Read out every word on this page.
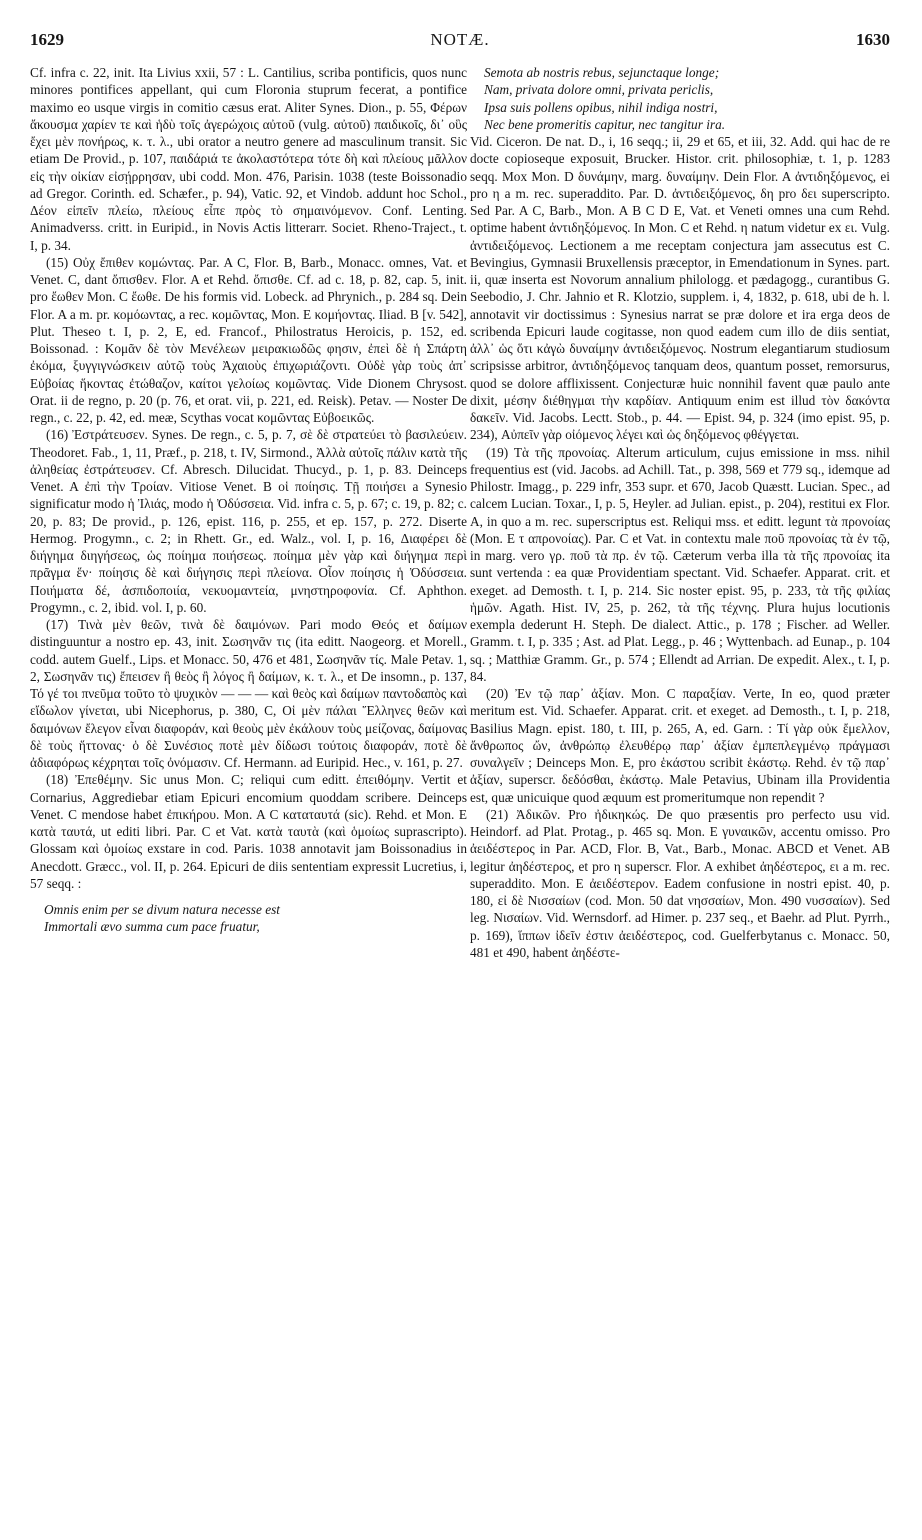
1629	NOTÆ.	1630

Cf. infra c. 22, init. Ita Livius xxii, 57 : L. Cantilius, scriba pontificis, quos nunc minores pontifices appellant, qui cum Floronia stuprum fecerat, a pontifice maximo eo usque virgis in comitio cæsus erat. Aliter Synes. Dion., p. 55, Φέρων ἄκουσμα χαρίεν τε καὶ ἡδὺ τοῖς ἀγερώχοις αὐτοῦ (vulg. αὐτοῦ) παιδικοῖς, δι᾿ οὓς ἔχει μὲν πονήρως, κ. τ. λ., ubi orator a neutro genere ad masculinum transit. Sic etiam De Provid., p. 107, παιδάριά τε ἀκολαστότερα τότε δὴ καὶ πλείους μᾶλλον εἰς τὴν οἰκίαν εἰσῄρρησαν, ubi codd. Mon. 476, Parisin. 1038 (teste Boissonadio ad Gregor. Corinth. ed. Schæfer., p. 94), Vatic. 92, et Vindob. addunt hoc Schol., Δέον εἰπεῖν πλείω, πλείους εἶπε πρὸς τὸ σημαινόμενον. Conf. Lenting. Animadverss. critt. in Euripid., in Novis Actis litterarr. Societ. Rheno-Traject., t. I, p. 34.

(15) Οὐχ ἔπιθεν κομώντας. Par. A C, Flor. B, Barb., Monacc. omnes, Vat. et Venet. C, dant ὄπισθεν. Flor. A et Rehd. ὄπισθε. Cf. ad c. 18, p. 82, cap. 5, init. pro ἔωθεν Mon. C ἔωθε. De his formis vid. Lobeck. ad Phrynich., p. 284 sq. Dein Flor. A a m. pr. κομόωντας, a rec. κομῶντας, Mon. E κομήοντας. Iliad. B [v. 542], Plut. Theseo t. I, p. 2, E, ed. Francof., Philostratus Heroicis, p. 152, ed. Boissonad. : Κομᾶν δὲ τὸν Μενέλεων μειρακιωδῶς φησιν, ἐπεὶ δὲ ἡ Σπάρτη ἐκόμα, ξυγγιγνώσκειν αὐτῷ τοὺς Ἀχαιοὺς ἐπιχωριάζοντι. Οὐδὲ γὰρ τοὺς ἀπ᾿ Εὐβοίας ἥκοντας ἐτώθαζον, καίτοι γελοίως κομῶντας. Vide Dionem Chrysost. Orat. ii de regno, p. 20 (p. 76, et orat. vii, p. 221, ed. Reisk). Petav. — Noster De regn., c. 22, p. 42, ed. meæ, Scythas vocat κομῶντας Εὐβοεικῶς.

(16) Ἐστράτευσεν. Synes. De regn., c. 5, p. 7, σὲ δὲ στρατεύει τὸ βασιλεύειν. Theodoret. Fab., 1, 11, Præf., p. 218, t. IV, Sirmond., Ἀλλὰ αὐτοῖς πάλιν κατὰ τῆς ἀληθείας ἐστράτευσεν. Cf. Abresch. Dilucidat. Thucyd., p. 1, p. 83. Deinceps Venet. A ἐπὶ τὴν Τροίαν. Vitiose Venet. B οἱ ποίησις. Τῇ ποιήσει a Synesio significatur modo ἡ Ἰλιάς, modo ἡ Ὀδύσσεια. Vid. infra c. 5, p. 67; c. 19, p. 82; c. 20, p. 83; De provid., p. 126, epist. 116, p. 255, et ep. 157, p. 272. Diserte Hermog. Progymn., c. 2; in Rhett. Gr., ed. Walz., vol. I, p. 16, Διαφέρει δὲ διήγημα διηγήσεως, ὡς ποίημα ποιήσεως. ποίημα μὲν γὰρ καὶ διήγημα περὶ πρᾶγμα ἕν· ποίησις δὲ καὶ διήγησις περὶ πλείονα. Οἷον ποίησις ἡ Ὀδύσσεια. Ποιήματα δέ, ἀσπιδοποιία, νεκυομαντεία, μνηστηροφονία. Cf. Aphthon. Progymn., c. 2, ibid. vol. I, p. 60.

(17) Τινὰ μὲν θεῶν, τινὰ δὲ δαιμόνων. Pari modo Θεός et δαίμων distinguuntur a nostro ep. 43, init. Σωσηνᾶν τις (ita editt. Naogeorg. et Morell., codd. autem Guelf., Lips. et Monacc. 50, 476 et 481, Σωσηνᾶν τίς. Male Petav. 1, 2, Σωσηνᾶν τις) ἔπεισεν ἢ θεὸς ἢ λόγος ἢ δαίμων, κ. τ. λ., et De insomn., p. 137, Τό γέ τοι πνεῦμα τοῦτο τὸ ψυχικὸν — — — καὶ θεὸς καὶ δαίμων παντοδαπὸς καὶ εἴδωλον γίνεται, ubi Nicephorus, p. 380, C, Οἱ μὲν πάλαι Ἕλληνες θεῶν καὶ δαιμόνων ἔλεγον εἶναι διαφοράν, καὶ θεοὺς μὲν ἐκάλουν τοὺς μείζονας, δαίμονας δὲ τοὺς ἥττονας· ὁ δὲ Συνέσιος ποτὲ μὲν δίδωσι τούτοις διαφοράν, ποτὲ δὲ ἀδιαφόρως κέχρηται τοῖς ὀνόμασιν. Cf. Hermann. ad Euripid. Hec., v. 161, p. 27.

(18) Ἐπεθέμην. Sic unus Mon. C; reliqui cum editt. ἐπειθόμην. Vertit et Cornarius, Aggrediebar etiam Epicuri encomium quoddam scribere. Deinceps Venet. C mendose habet ἐπικήρου. Mon. A C καταταυτά (sic). Rehd. et Mon. E κατὰ ταυτά, ut editi libri. Par. C et Vat. κατὰ ταυτὰ (καὶ ὁμοίως suprascripto). Glossam καὶ ὁμοίως exstare in cod. Paris. 1038 annotavit jam Boissonadius in Anecdott. Græcc., vol. II, p. 264. Epicuri de diis sententiam expressit Lucretius, i, 57 seqq. :

Omnis enim per se divum natura necesse est

Immortali ævo summa cum pace fruatur,

Semota ab nostris rebus, sejunctaque longe;

Nam, privata dolore omni, privata periclis,

Ipsa suis pollens opibus, nihil indiga nostri,

Nec bene promeritis capitur, nec tangitur ira.

Vid. Ciceron. De nat. D., i, 16 seqq.; ii, 29 et 65, et iii, 32. Add. qui hac de re docte copioseque exposuit, Brucker. Histor. crit. philosophiæ, t. 1, p. 1283 seqq. Mox Mon. D δυνάμην, marg. δυναίμην. Dein Flor. A ἀντιδηξόμενος, ei pro η a m. rec. superaddito. Par. D. ἀντιδειξόμενος, δη pro δει superscripto. Sed Par. A C, Barb., Mon. A B C D E, Vat. et Veneti omnes una cum Rehd. optime habent ἀντιδηξόμενος. In Mon. C et Rehd. η natum videtur ex ει. Vulg. ἀντιδειξόμενος. Lectionem a me receptam conjectura jam assecutus est C. Bevingius, Gymnasii Bruxellensis præceptor, in Emendationum in Synes. part. ii, quæ inserta est Novorum annalium philologg. et pædagogg., curantibus G. Seebodio, J. Chr. Jahnio et R. Klotzio, supplem. i, 4, 1832, p. 618, ubi de h. l. annotavit vir doctissimus : Synesius narrat se præ dolore et ira erga deos de scribenda Epicuri laude cogitasse, non quod eadem cum illo de diis sentiat, ἀλλ᾿ ὡς ὅτι κἀγὼ δυναίμην ἀντιδειξόμενος. Nostrum elegantiarum studiosum scripsisse arbitror, ἀντιδηξόμενος tanquam deos, quantum posset, remorsurus, quod se dolore afflixissent. Conjecturæ huic nonnihil favent quæ paulo ante dixit, μέσην διέθηγμαι τὴν καρδίαν. Antiquum enim est illud τὸν δακόντα δακεῖν. Vid. Jacobs. Lectt. Stob., p. 44. — Epist. 94, p. 324 (imo epist. 95, p. 234), Αὐπεῖν γὰρ οἰόμενος λέγει καὶ ὡς δηξόμενος φθέγγεται.

(19) Τὰ τῆς προνοίας. Alterum articulum, cujus emissione in mss. nihil frequentius est (vid. Jacobs. ad Achill. Tat., p. 398, 569 et 779 sq., idemque ad Philostr. Imagg., p. 229 infr, 353 supr. et 670, Jacob Quæstt. Lucian. Spec., ad calcem Lucian. Toxar., I, p. 5, Heyler. ad Julian. epist., p. 204), restitui ex Flor. A, in quo a m. rec. superscriptus est. Reliqui mss. et editt. legunt τὰ προνοίας (Mon. E τ απρονοίας). Par. C et Vat. in contextu male ποῦ προνοίας τὰ ἐν τῷ, in marg. vero γρ. ποῦ τὰ πρ. ἐν τῷ. Cæterum verba illa τὰ τῆς προνοίας ita sunt vertenda : ea quæ Providentiam spectant. Vid. Schaefer. Apparat. crit. et exeget. ad Demosth. t. I, p. 214. Sic noster epist. 95, p. 233, τὰ τῆς φιλίας ἡμῶν. Agath. Hist. IV, 25, p. 262, τὰ τῆς τέχνης. Plura hujus locutionis exempla dederunt H. Steph. De dialect. Attic., p. 178 ; Fischer. ad Weller. Gramm. t. I, p. 335 ; Ast. ad Plat. Legg., p. 46 ; Wyttenbach. ad Eunap., p. 104 sq. ; Matthiæ Gramm. Gr., p. 574 ; Ellendt ad Arrian. De expedit. Alex., t. I, p. 84.

(20) Ἐν τῷ παρ᾿ ἀξίαν. Mon. C παραξίαν. Verte, In eo, quod præter meritum est. Vid. Schaefer. Apparat. crit. et exeget. ad Demosth., t. I, p. 218, Basilius Magn. epist. 180, t. III, p. 265, A, ed. Garn. : Τί γὰρ οὐκ ἔμελλον, ἄνθρωπος ὤν, ἀνθρώπῳ ἐλευθέρῳ παρ᾿ ἀξίαν ἐμπεπλεγμένῳ πράγμασι συναλγεῖν ; Deinceps Mon. E, pro ἑκάστου scribit ἑκάστῳ. Rehd. ἐν τῷ παρ᾿ ἀξίαν, superscr. δεδόσθαι, ἑκάστῳ. Male Petavius, Ubinam illa Providentia est, quæ unicuique quod æquum est promeritumque non rependit ?

(21) Ἀδικῶν. Pro ἠδικηκώς. De quo præsentis pro perfecto usu vid. Heindorf. ad Plat. Protag., p. 465 sq. Mon. E γυναικῶν, accentu omisso. Pro ἀειδέστερος in Par. ACD, Flor. B, Vat., Barb., Monac. ABCD et Venet. AB legitur ἀηδέστερος, et pro η superscr. Flor. A exhibet ἀηδέστερος, ει a m. rec. superaddito. Mon. E ἀειδέστερον. Eadem confusione in nostri epist. 40, p. 180, εἰ δὲ Νισσαίων (cod. Mon. 50 dat νησσαίων, Mon. 490 νυσσαίων). Sed leg. Νισαίων. Vid. Wernsdorf. ad Himer. p. 237 seq., et Baehr. ad Plut. Pyrrh., p. 169), ἵππων ἰδεῖν ἐστιν ἀειδέστερος, cod. Guelferbytanus c. Monacc. 50, 481 et 490, habent ἀηδέστε-
